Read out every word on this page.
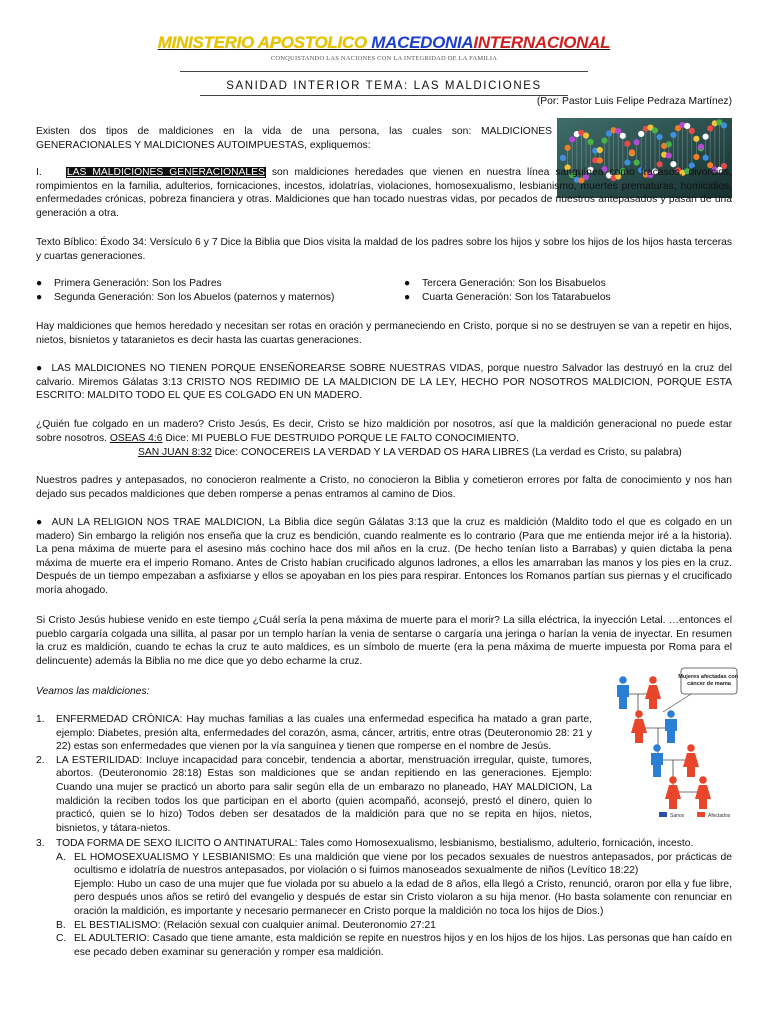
MINISTERIO APOSTOLICO MACEDONIAINTERNACIONAL
CONQUISTANDO LAS NACIONES CON LA INTEGRIDAD DE LA FAMILIA
SANIDAD INTERIOR TEMA: LAS MALDICIONES
(Por: Pastor Luis Felipe Pedraza Martínez)

Existen dos tipos de maldiciones en la vida de una persona, las cuales son: MALDICIONES GENERACIONALES Y MALDICIONES AUTOIMPUESTAS, expliquemos:

I. LAS MALDICIONES GENERACIONALES son maldiciones heredades que vienen en nuestra línea sanguínea como fracasos, divorcios, rompimientos en la familia, adulterios, fornicaciones, incestos, idolatrías, violaciones, homosexualismo, lesbianismo, muertes prematuras, homicidios, enfermedades crónicas, pobreza financiera y otras. Maldiciones que han tocado nuestras vidas, por pecados de nuestros antepasados y pasan de una generación a otra.

Texto Bíblico: Éxodo 34: Versículo 6 y 7 Dice la Biblia que Dios visita la maldad de los padres sobre los hijos y sobre los hijos de los hijos hasta terceras y cuartas generaciones.

● Primera Generación: Son los Padres
● Segunda Generación: Son los Abuelos (paternos y maternos)
● Tercera Generación: Son los Bisabuelos
● Cuarta Generación: Son los Tatarabuelos

Hay maldiciones que hemos heredado y necesitan ser rotas en oración y permaneciendo en Cristo, porque si no se destruyen se van a repetir en hijos, nietos, bisnietos y tataranietos es decir hasta las cuartas generaciones.

●  LAS MALDICIONES NO TIENEN PORQUE ENSEÑOREARSE SOBRE NUESTRAS VIDAS, porque nuestro Salvador las destruyó en la cruz del calvario. Miremos Gálatas 3:13 CRISTO NOS REDIMIO DE LA MALDICION DE LA LEY, HECHO POR NOSOTROS MALDICION, PORQUE ESTA ESCRITO: MALDITO TODO EL QUE ES COLGADO EN UN MADERO.
¿Quién fue colgado en un madero? Cristo Jesús, Es decir, Cristo se hizo maldición por nosotros, así que la maldición generacional no puede estar sobre nosotros. OSEAS 4:6 Dice: MI PUEBLO FUE DESTRUIDO PORQUE LE FALTO CONOCIMIENTO.
SAN JUAN 8:32 Dice: CONOCEREIS LA VERDAD Y LA VERDAD OS HARA LIBRES (La verdad es Cristo, su palabra)

Nuestros padres y antepasados, no conocieron realmente a Cristo, no conocieron la Biblia y cometieron errores por falta de conocimiento y nos han dejado sus pecados maldiciones que deben romperse a penas entramos al camino de Dios.

●  AUN LA RELIGION NOS TRAE MALDICION, La Biblia dice según Gálatas 3:13 que la cruz es maldición (Maldito todo el que es colgado en un madero) Sin embargo la religión nos enseña que la cruz es bendición, cuando realmente es lo contrario (Para que me entienda mejor iré a la historia). La pena máxima de muerte para el asesino más cochino hace dos mil años en la cruz. (De hecho tenían listo a Barrabas) y quien dictaba la pena máxima de muerte era el imperio Romano. Antes de Cristo habían crucificado algunos ladrones, a ellos les amarraban las manos y los pies en la cruz. Después de un tiempo empezaban a asfixiarse y ellos se apoyaban en los pies para respirar. Entonces los Romanos partían sus piernas y el crucificado moría ahogado.

Si Cristo Jesús hubiese venido en este tiempo ¿Cuál sería la pena máxima de muerte para el morir? La silla eléctrica, la inyección Letal. …entonces el pueblo cargaría colgada una sillita, al pasar por un templo harían la venia de sentarse o cargaría una jeringa o harían la venia de inyectar. En resumen la cruz es maldición, cuando te echas la cruz te auto maldices, es un símbolo de muerte (era la pena máxima de muerte impuesta por Roma para el delincuente) además la Biblia no me dice que yo debo echarme la cruz.

Veamos las maldiciones:

1.	ENFERMEDAD CRÓNICA: Hay muchas familias a las cuales una enfermedad especifica ha matado a gran parte, ejemplo: Diabetes, presión alta, enfermedades del corazón, asma, cáncer, artritis, entre otras (Deuteronomio 28: 21 y 22) estas son enfermedades que vienen por la vía sanguínea y tienen que romperse en el nombre de Jesús.
2.	LA ESTERILIDAD: Incluye incapacidad para concebir, tendencia a abortar, menstruación irregular, quiste, tumores, abortos. (Deuteronomio 28:18) Estas son maldiciones que se andan repitiendo en las generaciones. Ejemplo: Cuando una mujer se practicó un aborto para salir según ella de un embarazo no planeado, HAY MALDICION, La maldición la reciben todos los que participan en el aborto (quien acompañó, aconsejó, prestó el dinero, quien lo practicó, quien se lo hizo) Todos deben ser desatados de la maldición para que no se repita en hijos, nietos, bisnietos, y tátara-nietos.
3.	TODA FORMA DE SEXO ILICITO O ANTINATURAL: Tales como Homosexualismo, lesbianismo, bestialismo, adulterio, fornicación, incesto.
A. EL HOMOSEXUALISMO Y LESBIANISMO: Es una maldición que viene por los pecados sexuales de nuestros antepasados, por prácticas de ocultismo e idolatría de nuestros antepasados, por violación o si fuimos manoseados sexualmente de niños (Levítico 18:22)
Ejemplo: Hubo un caso de una mujer que fue violada por su abuelo a la edad de 8 años, ella llegó a Cristo, renunció, oraron por ella y fue libre, pero después unos años se retiró del evangelio y después de estar sin Cristo violaron a su hija menor. (Ho basta solamente con renunciar en oración la maldición, es importante y necesario permanecer en Cristo porque la maldición no toca los hijos de Dios.)
B. EL BESTIALISMO: (Relación sexual con cualquier animal. Deuteronomio 27:21
C. EL ADULTERIO: Casado que tiene amante, esta maldición se repite en nuestros hijos y en los hijos de los hijos. Las personas que han caído en ese pecado deben examinar su generación y romper esa maldición.
Mujeres afectadas con cáncer de mama
Sanos	Afectados
